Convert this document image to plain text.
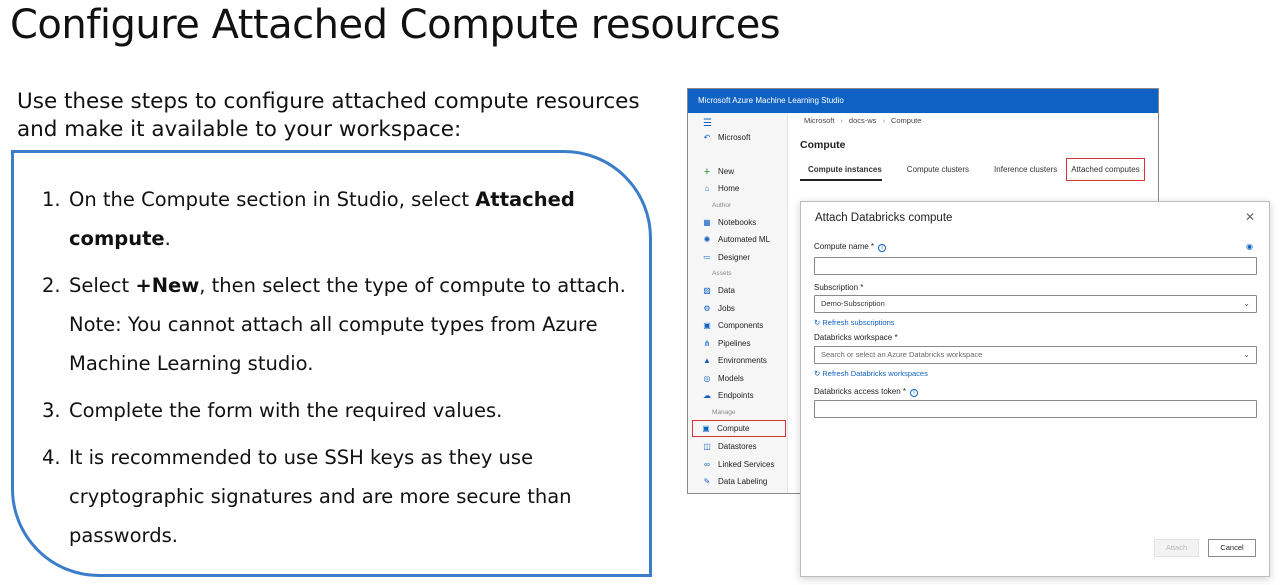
Configure Attached Compute resources
Use these steps to configure attached compute resources and make it available to your workspace:
1. On the Compute section in Studio, select Attached compute.
2. Select +New, then select the type of compute to attach. Note: You cannot attach all compute types from Azure Machine Learning studio.
3. Complete the form with the required values.
4. It is recommended to use SSH keys as they use cryptographic signatures and are more secure than passwords.
Microsoft Azure Machine Learning Studio
☰
↶ Microsoft
+ New
⌂ Home
Author
▦ Notebooks
✺ Automated ML
≔ Designer
Assets
▨ Data
⚙ Jobs
▣ Components
⋔ Pipelines
▲ Environments
◎ Models
☁ Endpoints
Manage
▣ Compute
◫ Datastores
∞ Linked Services
✎ Data Labeling
Microsoft › docs-ws › Compute
Compute
Compute instances	Compute clusters	Inference clusters	Attached computes
Attach Databricks compute	✕
Compute name * i	◉
Subscription *
Demo-Subscription	⌄
↻ Refresh subscriptions
Databricks workspace *
Search or select an Azure Databricks workspace	⌄
↻ Refresh Databricks workspaces
Databricks access token * i
Attach	Cancel
